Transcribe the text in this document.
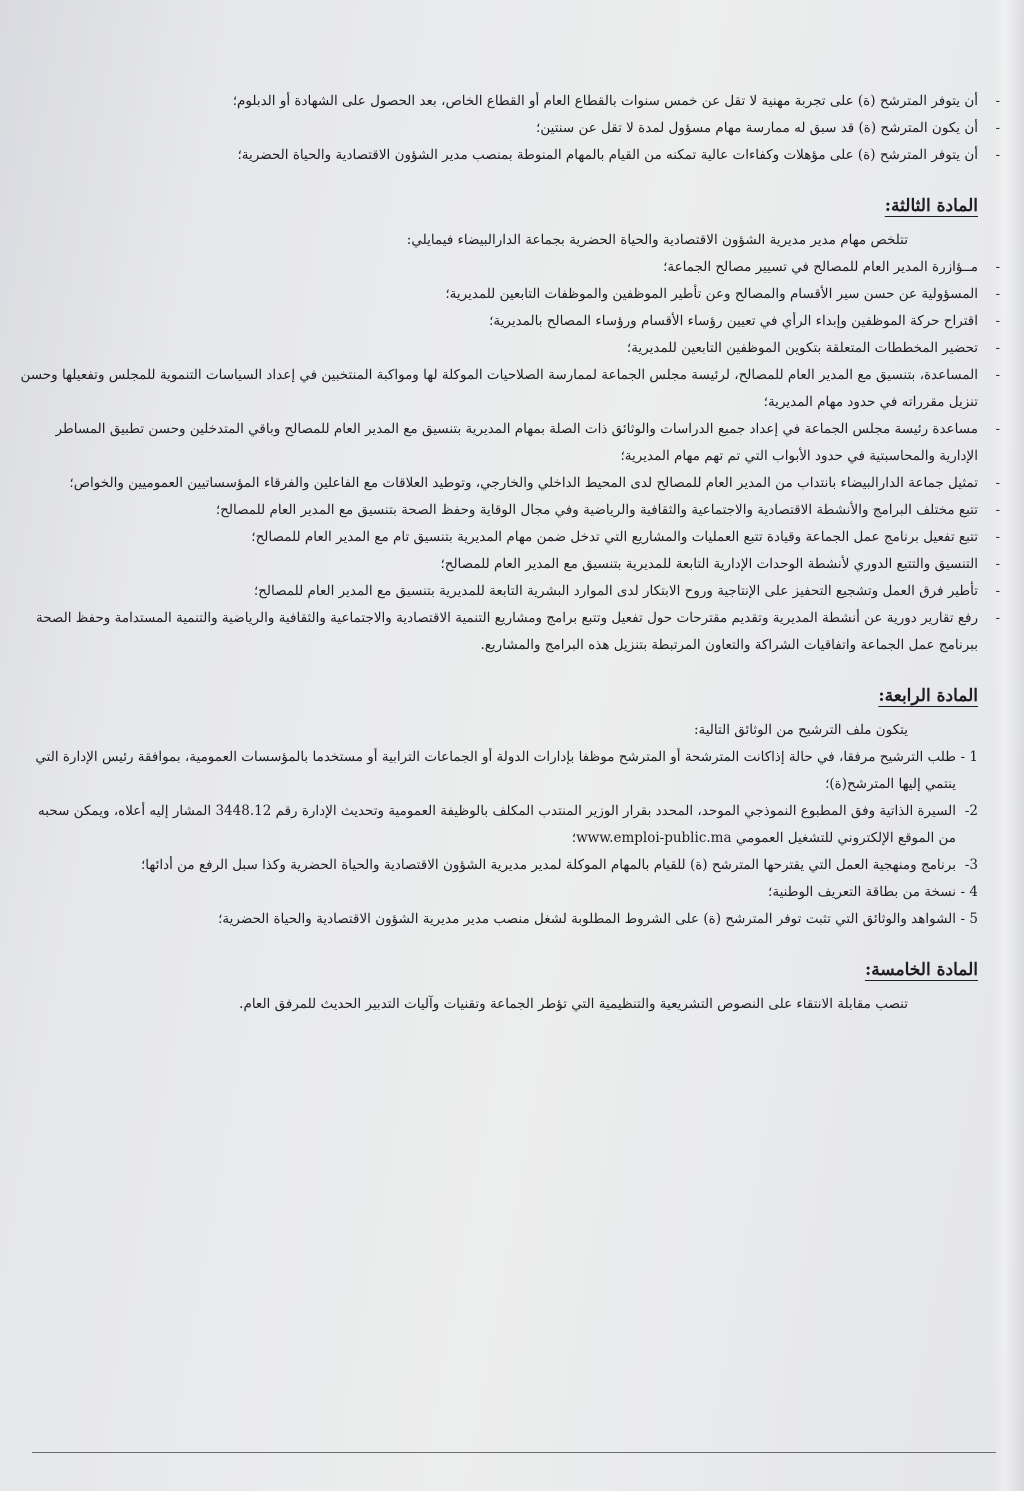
أن يتوفر المترشح (ة) على تجربة مهنية لا تقل عن خمس سنوات بالقطاع العام أو القطاع الخاص، بعد الحصول على الشهادة أو الدبلوم؛ -

أن يكون المترشح (ة) قد سبق له ممارسة مهام مسؤول لمدة لا تقل عن سنتين؛ -

أن يتوفر المترشح (ة) على مؤهلات وكفاءات عالية تمكنه من القيام بالمهام المنوطة بمنصب مدير الشؤون الاقتصادية والحياة الحضرية؛ -

المادة الثالثة:

تتلخص مهام مدير مديرية الشؤون الاقتصادية والحياة الحضرية بجماعة الدارالبيضاء فيمايلي:

مــؤازرة المدير العام للمصالح في تسيير مصالح الجماعة؛ -

المسؤولية عن حسن سير الأقسام والمصالح وعن تأطير الموظفين والموظفات التابعين للمديرية؛ -

اقتراح حركة الموظفين وإبداء الرأي في تعيين رؤساء الأقسام ورؤساء المصالح بالمديرية؛ -

تحضير المخططات المتعلقة بتكوين الموظفين التابعين للمديرية؛ -

المساعدة، بتنسيق مع المدير العام للمصالح، لرئيسة مجلس الجماعة لممارسة الصلاحيات الموكلة لها ومواكبة المنتخبين في إعداد السياسات التنموية للمجلس وتفعيلها وحسن تنزيل مقرراته في حدود مهام المديرية؛ -

مساعدة رئيسة مجلس الجماعة في إعداد جميع الدراسات والوثائق ذات الصلة بمهام المديرية بتنسيق مع المدير العام للمصالح وباقي المتدخلين وحسن تطبيق المساطر الإدارية والمحاسبتية في حدود الأبواب التي تم تهم مهام المديرية؛ -

تمثيل جماعة الدارالبيضاء بانتداب من المدير العام للمصالح لدى المحيط الداخلي والخارجي، وتوطيد العلاقات مع الفاعلين والفرقاء المؤسساتيين العموميين والخواص؛ -

تتبع مختلف البرامج والأنشطة الاقتصادية والاجتماعية والثقافية والرياضية وفي مجال الوقاية وحفظ الصحة بتنسيق مع المدير العام للمصالح؛ -

تتبع تفعيل برنامج عمل الجماعة وقيادة تتبع العمليات والمشاريع التي تدخل ضمن مهام المديرية بتنسيق تام مع المدير العام للمصالح؛ -

التنسيق والتتبع الدوري لأنشطة الوحدات الإدارية التابعة للمديرية بتنسيق مع المدير العام للمصالح؛ -

تأطير فرق العمل وتشجيع التحفيز على الإنتاجية وروح الابتكار لدى الموارد البشرية التابعة للمديرية بتنسيق مع المدير العام للمصالح؛ -

رفع تقارير دورية عن أنشطة المديرية وتقديم مقترحات حول تفعيل وتتبع برامج ومشاريع التنمية الاقتصادية والاجتماعية والثقافية والرياضية والتنمية المستدامة وحفظ الصحة ببرنامج عمل الجماعة واتفاقيات الشراكة والتعاون المرتبطة بتنزيل هذه البرامج والمشاريع. -

المادة الرابعة:

يتكون ملف الترشيح من الوثائق التالية:

1 -
طلب الترشيح مرفقا، في حالة إذاكانت المترشحة أو المترشح موظفا بإدارات الدولة أو الجماعات الترابية أو مستخدما بالمؤسسات العمومية، بموافقة رئيس الإدارة التي ينتمي إليها المترشح(ة)؛
2-
السيرة الذاتية وفق المطبوع النموذجي الموحد، المحدد بقرار الوزير المنتدب المكلف بالوظيفة العمومية وتحديث الإدارة رقم 3448.12 المشار إليه أعلاه، ويمكن سحبه من الموقع الإلكتروني للتشغيل العمومي www.emploi-public.ma؛
3-
برنامج ومنهجية العمل التي يقترحها المترشح (ة) للقيام بالمهام الموكلة لمدير مديرية الشؤون الاقتصادية والحياة الحضرية وكذا سبل الرفع من أدائها؛
4 -
نسخة من بطاقة التعريف الوطنية؛
5 -
الشواهد والوثائق التي تثبت توفر المترشح (ة) على الشروط المطلوبة لشغل منصب مدير مديرية الشؤون الاقتصادية والحياة الحضرية؛
المادة الخامسة:

تنصب مقابلة الانتقاء على النصوص التشريعية والتنظيمية التي تؤطر الجماعة وتقنيات وآليات التدبير الحديث للمرفق العام.
